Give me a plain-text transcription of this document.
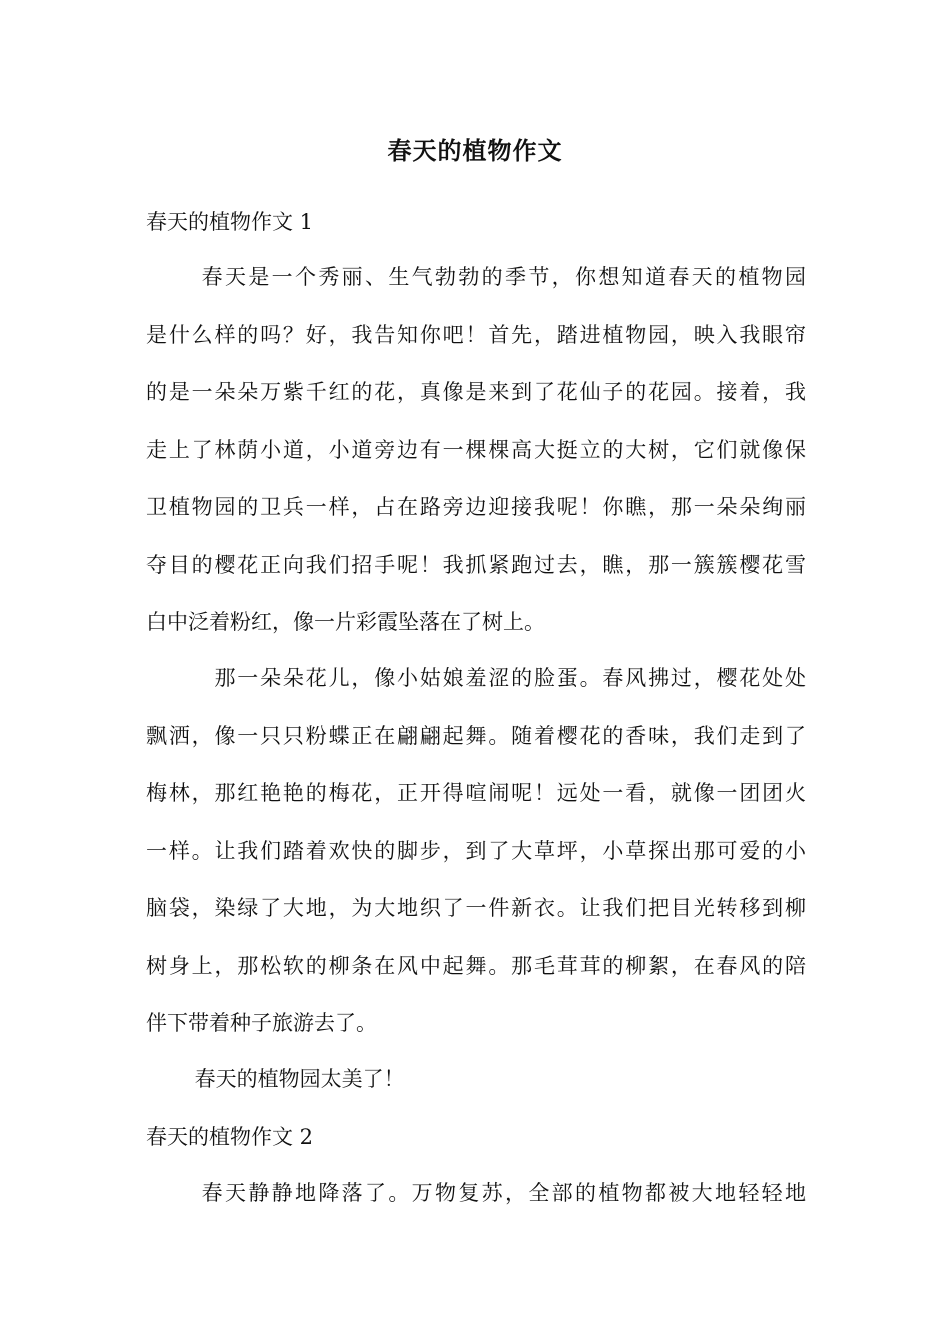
春天的植物作文
春天的植物作文 1
　　 春天是一个秀丽、生气勃勃的季节，你想知道春天的植物园
是什么样的吗？好，我告知你吧！首先，踏进植物园，映入我眼帘
的是一朵朵万紫千红的花，真像是来到了花仙子的花园。接着，我
走上了林荫小道，小道旁边有一棵棵高大挺立的大树，它们就像保
卫植物园的卫兵一样，占在路旁边迎接我呢！你瞧，那一朵朵绚丽
夺目的樱花正向我们招手呢！我抓紧跑过去，瞧，那一簇簇樱花雪
白中泛着粉红，像一片彩霞坠落在了树上。
　　　那一朵朵花儿，像小姑娘羞涩的脸蛋。春风拂过，樱花处处
飘洒，像一只只粉蝶正在翩翩起舞。随着樱花的香味，我们走到了
梅林，那红艳艳的梅花，正开得喧闹呢！远处一看，就像一团团火
一样。让我们踏着欢快的脚步，到了大草坪，小草探出那可爱的小
脑袋，染绿了大地，为大地织了一件新衣。让我们把目光转移到柳
树身上，那松软的柳条在风中起舞。那毛茸茸的柳絮，在春风的陪
伴下带着种子旅游去了。
　　 春天的植物园太美了！
春天的植物作文 2
　　 春天静静地降落了。万物复苏，全部的植物都被大地轻轻地
